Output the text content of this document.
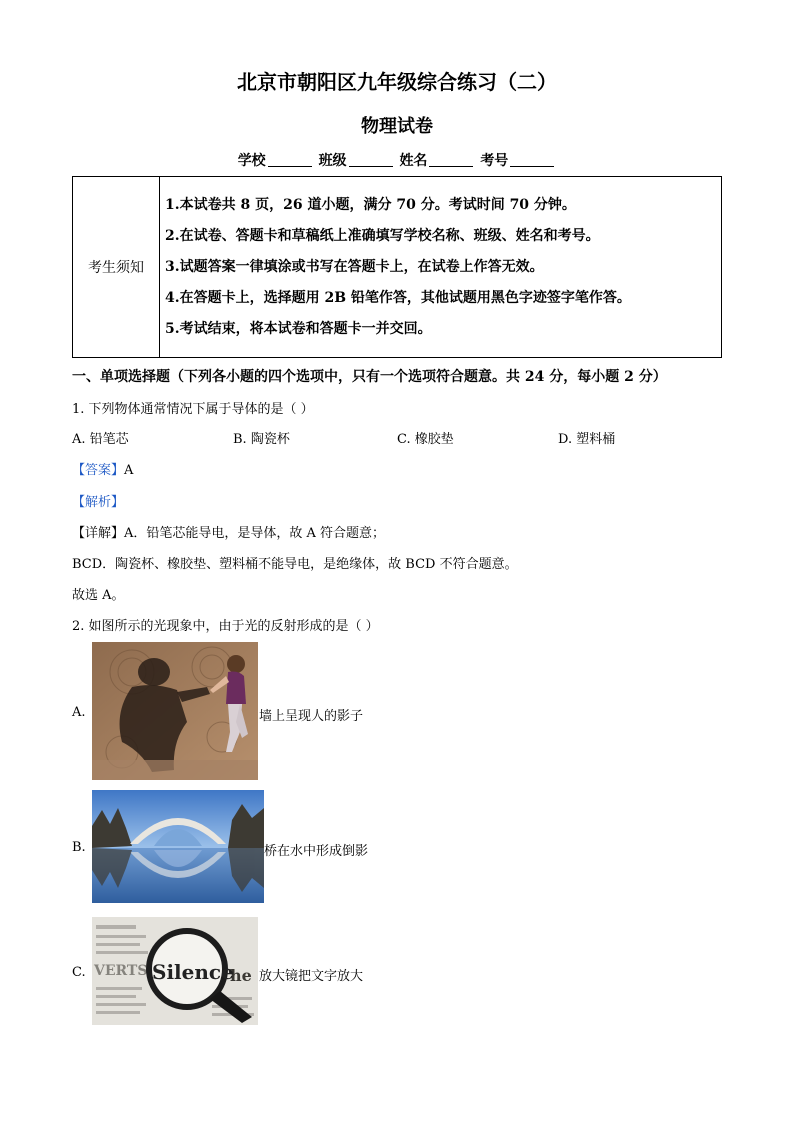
北京市朝阳区九年级综合练习（二）
物理试卷
学校	班级	姓名	考号
考生须知
1.本试卷共 8 页，26 道小题，满分 70 分。考试时间 70 分钟。
2.在试卷、答题卡和草稿纸上准确填写学校名称、班级、姓名和考号。
3.试题答案一律填涂或书写在答题卡上，在试卷上作答无效。
4.在答题卡上，选择题用 2B 铅笔作答，其他试题用黑色字迹签字笔作答。
5.考试结束，将本试卷和答题卡一并交回。
一、单项选择题（下列各小题的四个选项中，只有一个选项符合题意。共 24 分，每小题 2 分）
1. 下列物体通常情况下属于导体的是（ ）
A. 铅笔芯	B. 陶瓷杯	C. 橡胶垫	D. 塑料桶
【答案】A
【解析】
【详解】A．铅笔芯能导电，是导体，故 A 符合题意；
BCD．陶瓷杯、橡胶垫、塑料桶不能导电，是绝缘体，故 BCD 不符合题意。
故选 A。
2. 如图所示的光现象中，由于光的反射形成的是（ ）
A.	墙上呈现人的影子
B.	桥在水中形成倒影
C. VERTS	he
Silence 放大镜把文字放大
